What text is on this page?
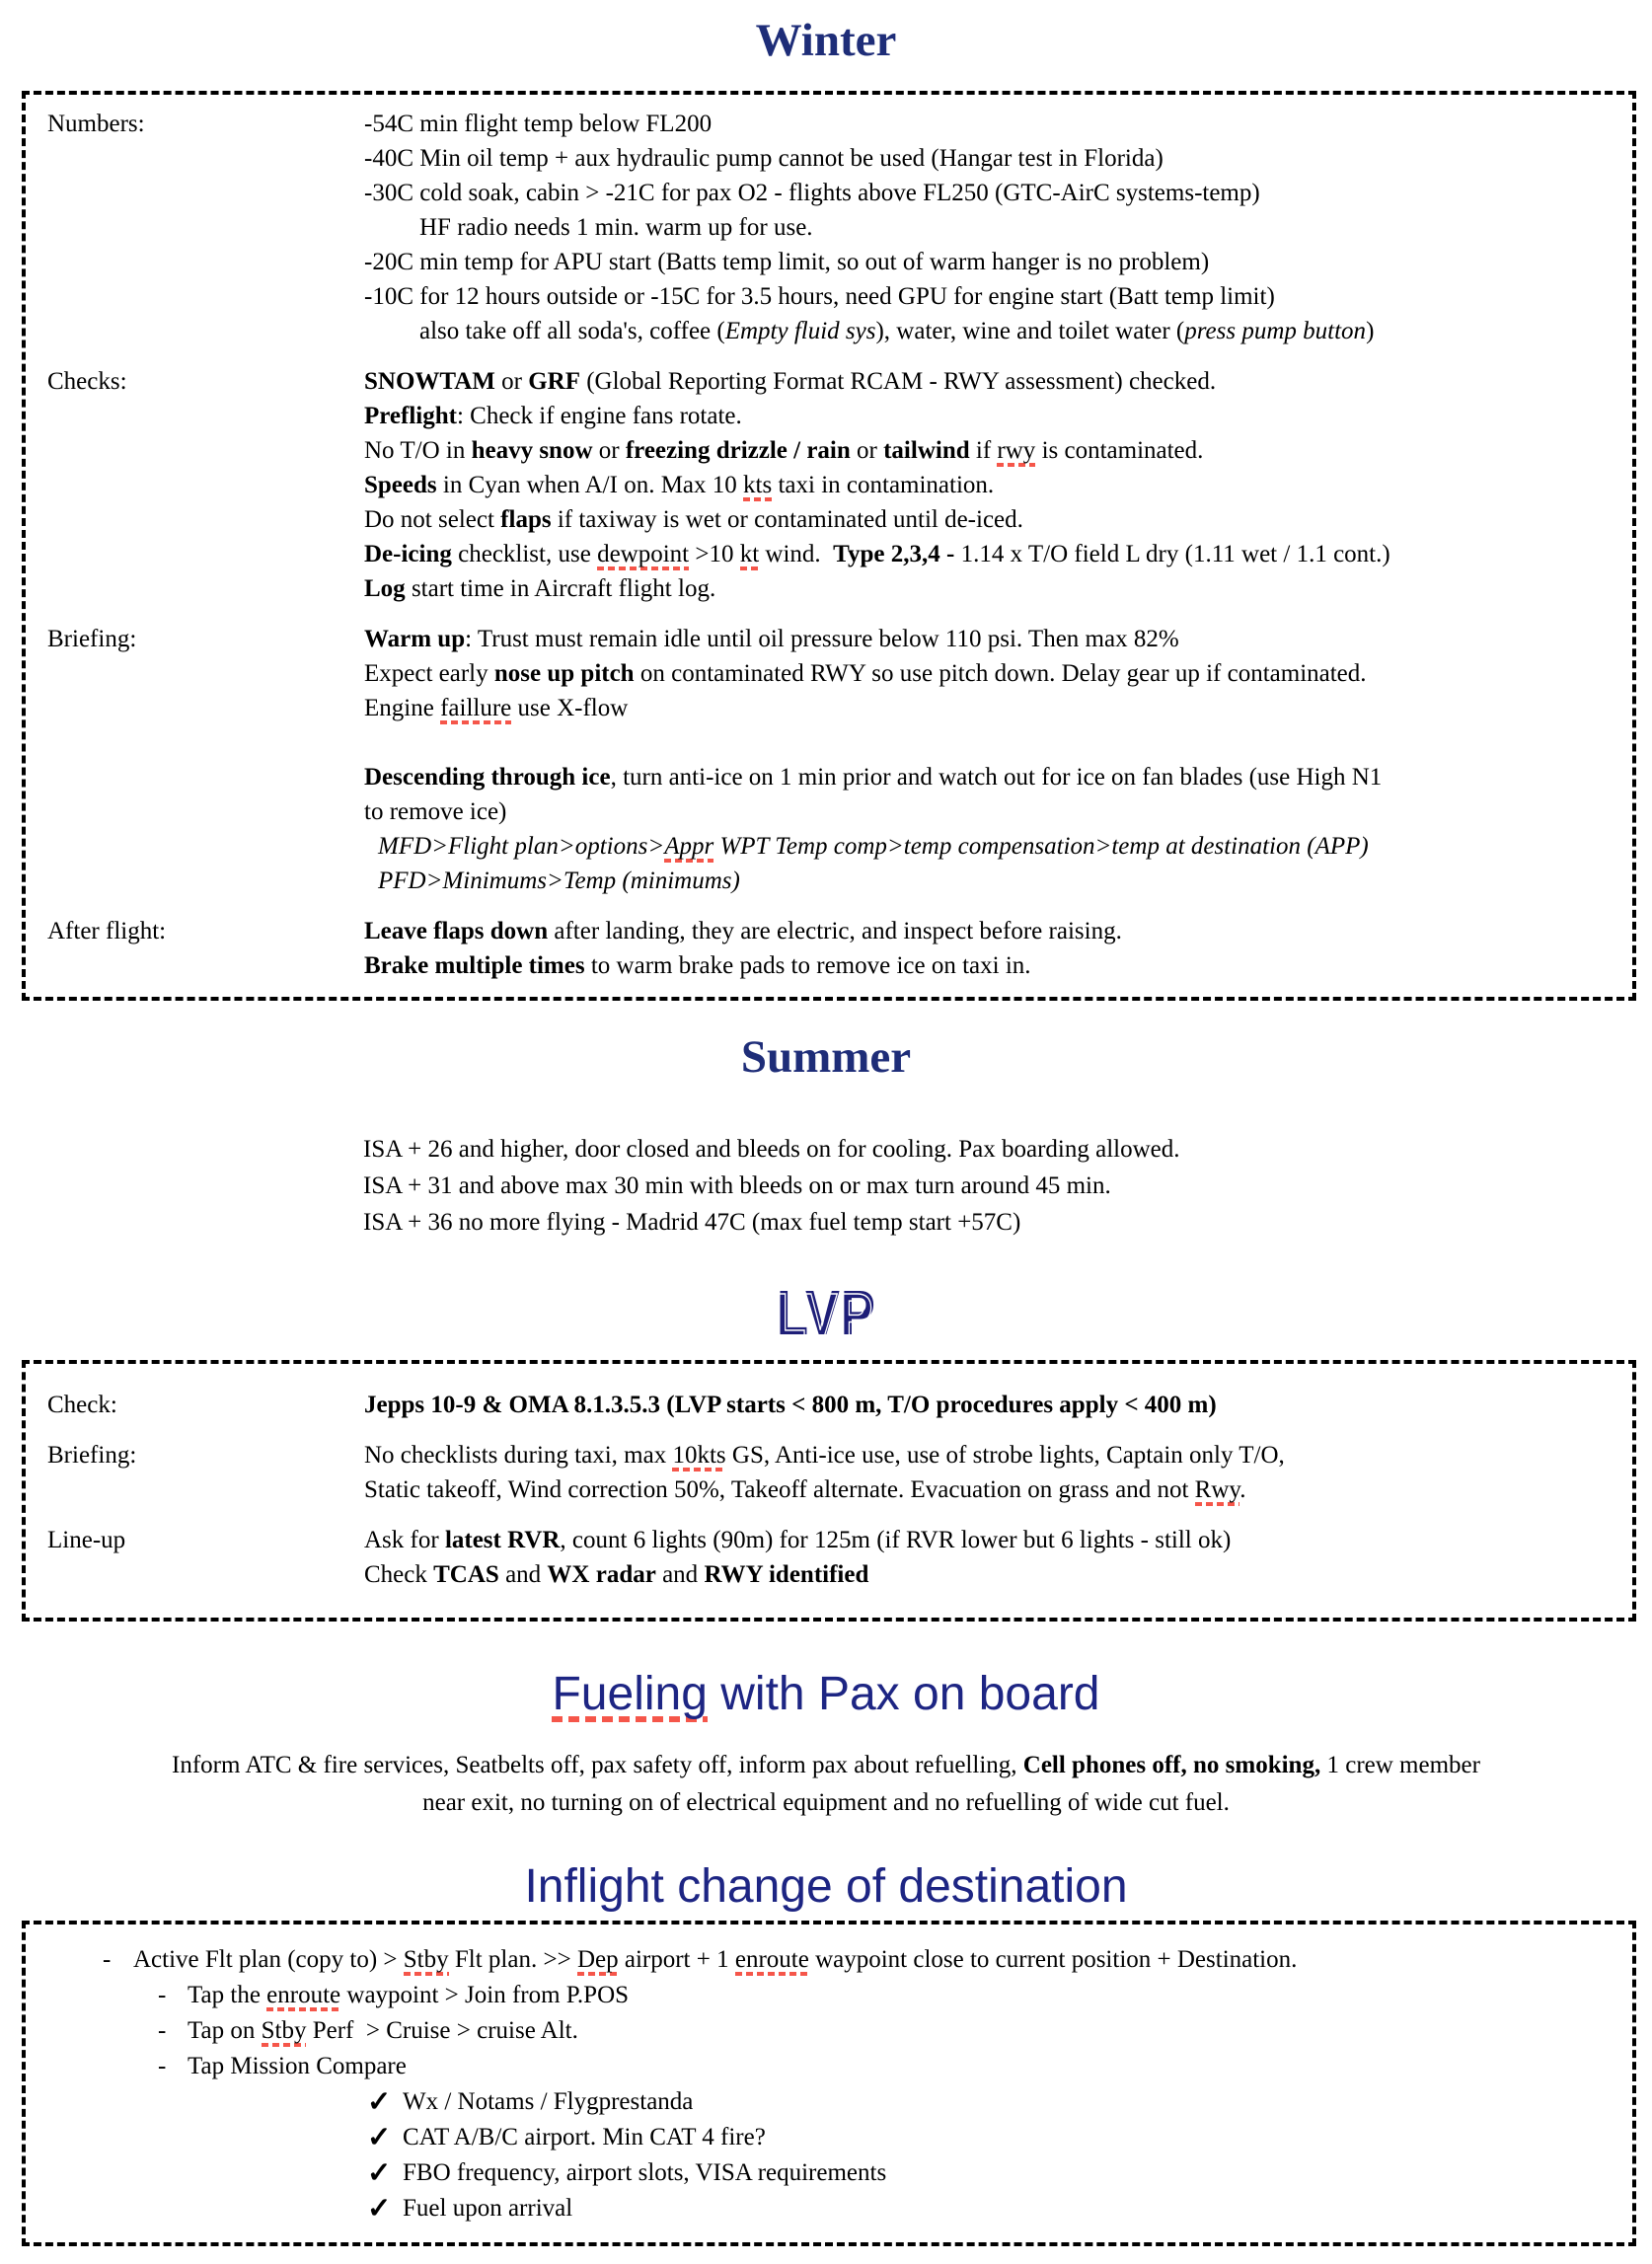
Winter
Numbers:	-54C min flight temp below FL200
-40C Min oil temp + aux hydraulic pump cannot be used (Hangar test in Florida)
-30C cold soak, cabin > -21C for pax O2 - flights above FL250 (GTC-AirC systems-temp)
HF radio needs 1 min. warm up for use.
-20C min temp for APU start (Batts temp limit, so out of warm hanger is no problem)
-10C for 12 hours outside or -15C for 3.5 hours, need GPU for engine start (Batt temp limit)
also take off all soda's, coffee (Empty fluid sys), water, wine and toilet water (press pump button)
Checks:	SNOWTAM or GRF (Global Reporting Format RCAM - RWY assessment) checked.
Preflight: Check if engine fans rotate.
No T/O in heavy snow or freezing drizzle / rain or tailwind if rwy is contaminated.
Speeds in Cyan when A/I on. Max 10 kts taxi in contamination.
Do not select flaps if taxiway is wet or contaminated until de-iced.
De-icing checklist, use dewpoint >10 kt wind.  Type 2,3,4 - 1.14 x T/O field L dry (1.11 wet / 1.1 cont.)
Log start time in Aircraft flight log.
Briefing:	Warm up: Trust must remain idle until oil pressure below 110 psi. Then max 82%
Expect early nose up pitch on contaminated RWY so use pitch down. Delay gear up if contaminated.
Engine faillure use X-flow

Descending through ice, turn anti-ice on 1 min prior and watch out for ice on fan blades (use High N1
to remove ice)
MFD>Flight plan>options>Appr WPT Temp comp>temp compensation>temp at destination (APP)
PFD>Minimums>Temp (minimums)
After flight:	Leave flaps down after landing, they are electric, and inspect before raising.
Brake multiple times to warm brake pads to remove ice on taxi in.
Summer
ISA + 26 and higher, door closed and bleeds on for cooling. Pax boarding allowed.
ISA + 31 and above max 30 min with bleeds on or max turn around 45 min.
ISA + 36 no more flying - Madrid 47C (max fuel temp start +57C)
LVP LVP
Check:	Jepps 10-9 & OMA 8.1.3.5.3 (LVP starts < 800 m, T/O procedures apply < 400 m)
Briefing:	No checklists during taxi, max 10kts GS, Anti-ice use, use of strobe lights, Captain only T/O,
Static takeoff, Wind correction 50%, Takeoff alternate. Evacuation on grass and not Rwy.
Line-up	Ask for latest RVR, count 6 lights (90m) for 125m (if RVR lower but 6 lights - still ok)
Check TCAS and WX radar and RWY identified
Fueling with Pax on board
Inform ATC & fire services, Seatbelts off, pax safety off, inform pax about refuelling, Cell phones off, no smoking, 1 crew member
near exit, no turning on of electrical equipment and no refuelling of wide cut fuel.
Inflight change of destination
- Active Flt plan (copy to) > Stby Flt plan. >> Dep airport + 1 enroute waypoint close to current position + Destination.
- Tap the enroute waypoint > Join from P.POS
- Tap on Stby Perf  > Cruise > cruise Alt.
- Tap Mission Compare
✓ Wx / Notams / Flygprestanda
✓ CAT A/B/C airport. Min CAT 4 fire?
✓ FBO frequency, airport slots, VISA requirements
✓ Fuel upon arrival
